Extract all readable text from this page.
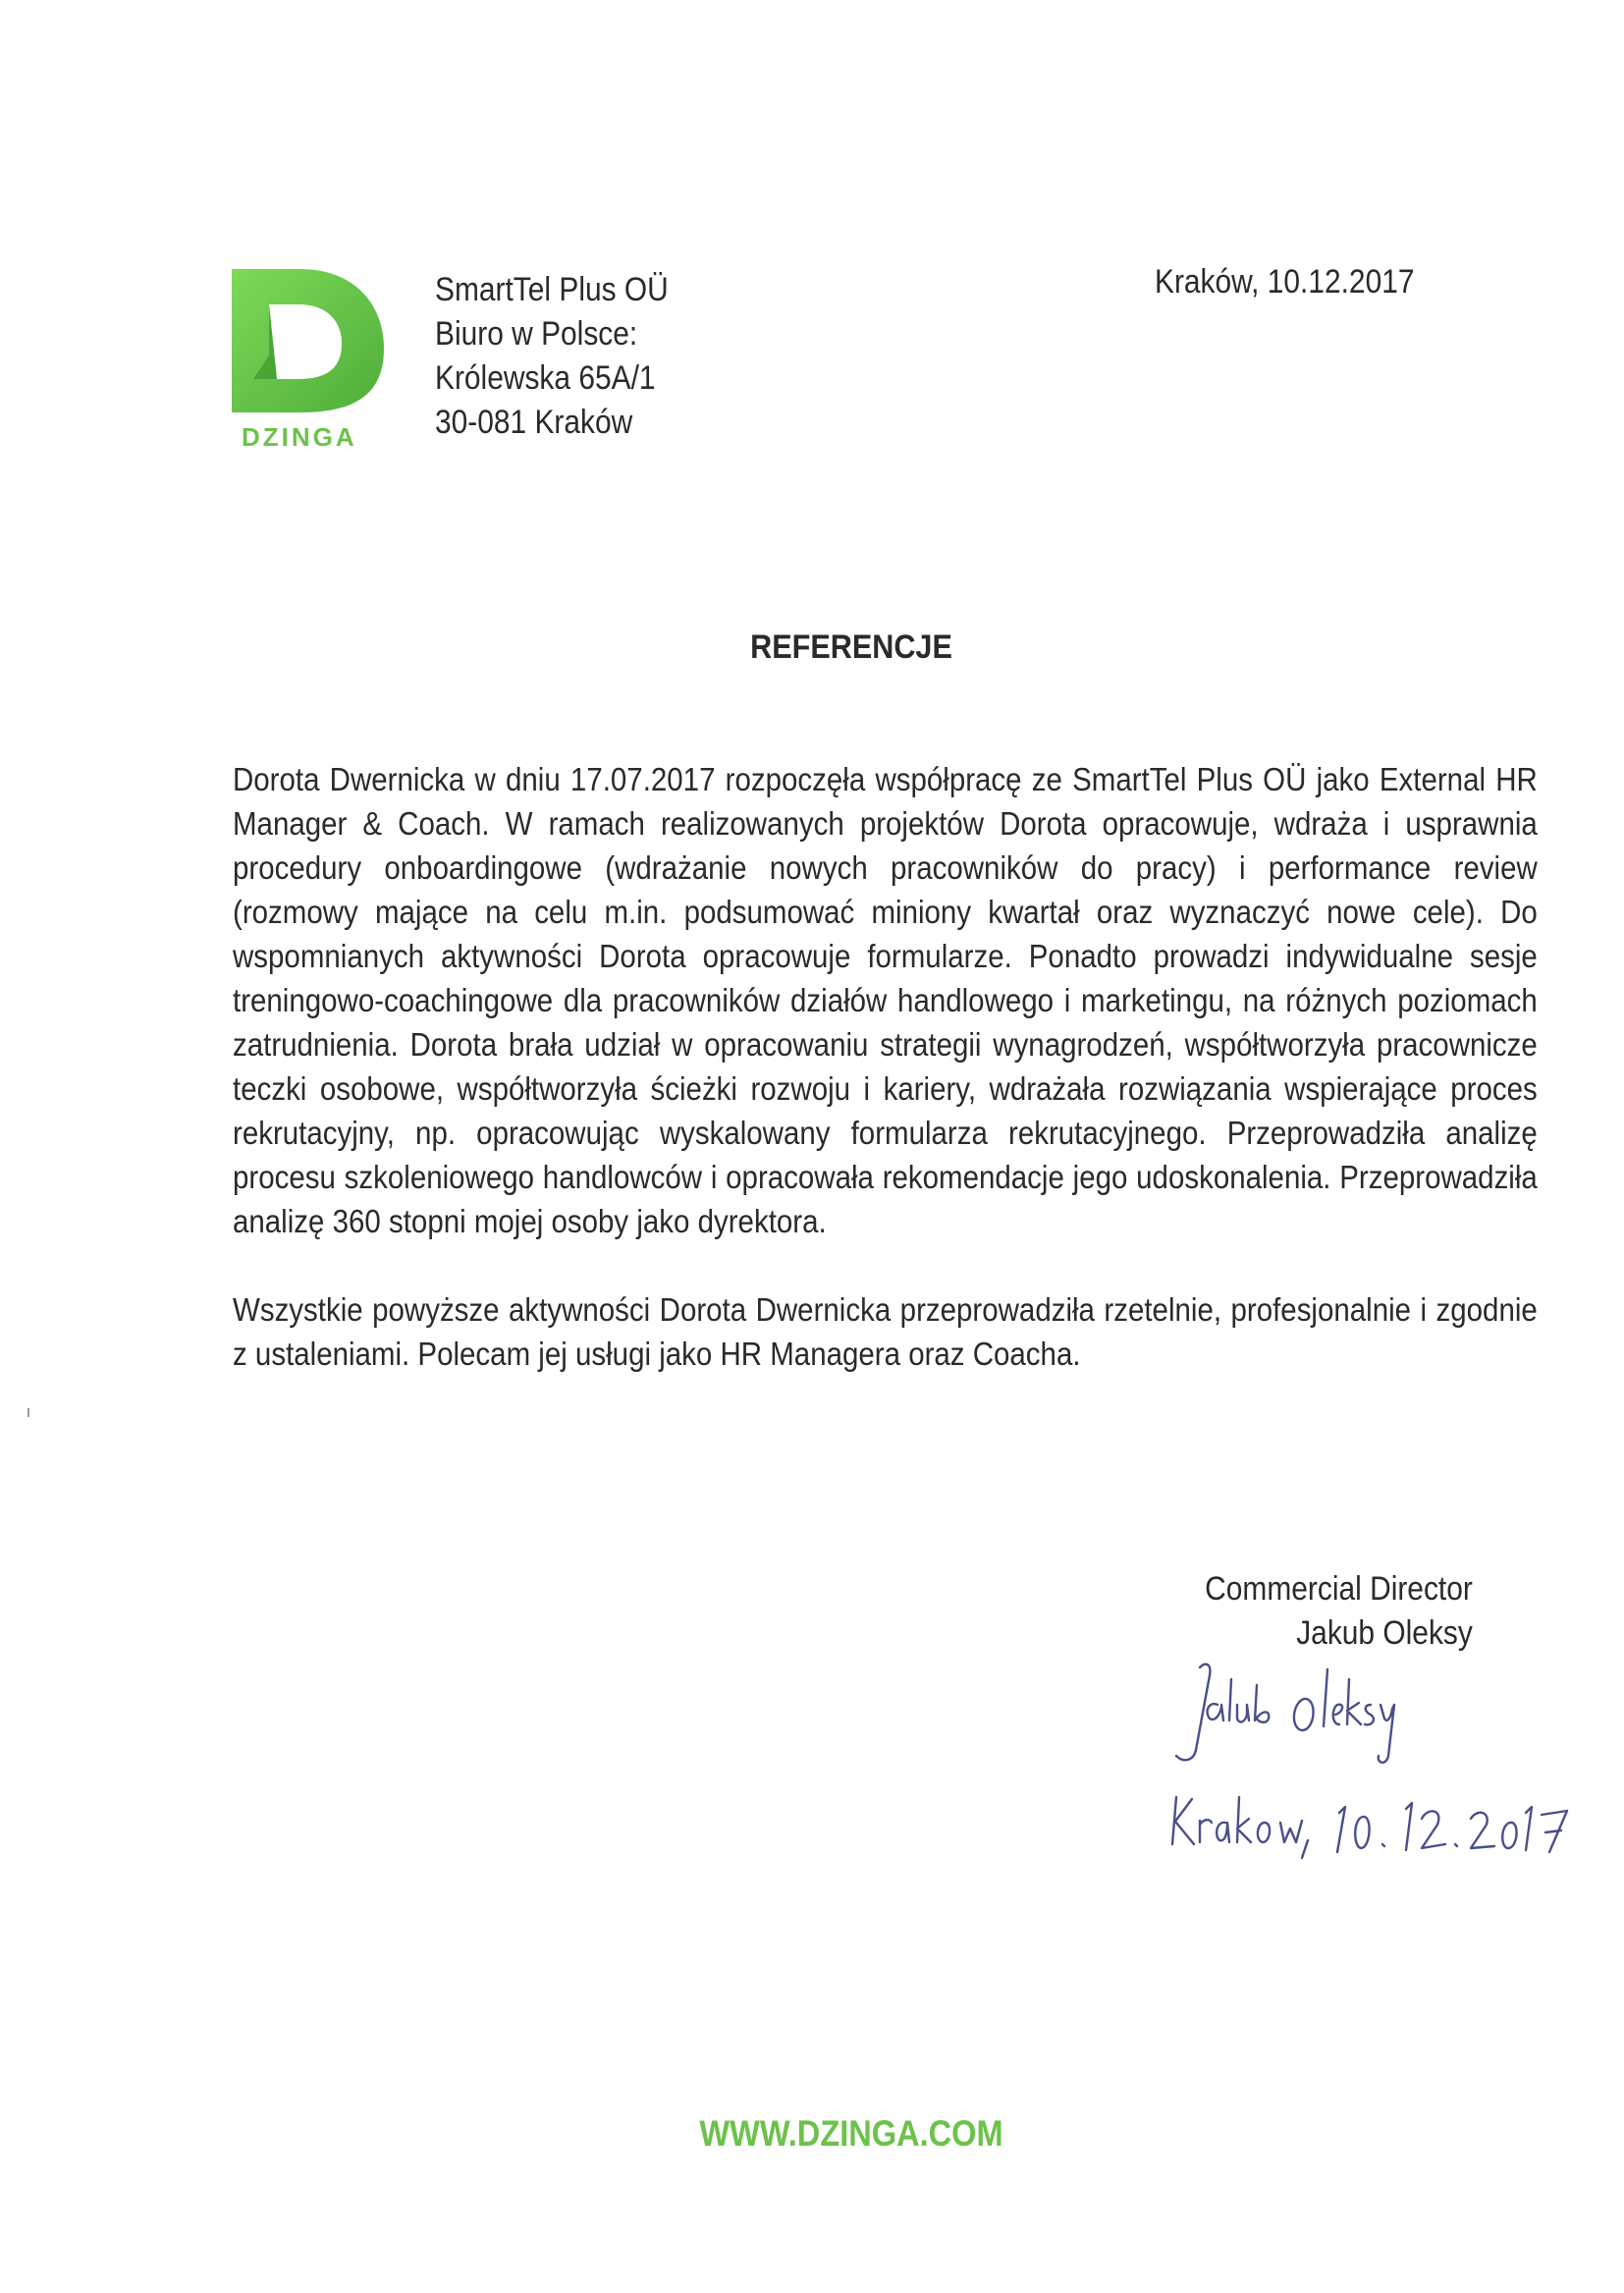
DZINGA
SmartTel Plus OÜ
Biuro w Polsce:
Królewska 65A/1
30-081 Kraków
Kraków, 10.12.2017
REFERENCJE

Dorota Dwernicka w dniu 17.07.2017 rozpoczęła współpracę ze SmartTel Plus OÜ jako External HR Manager & Coach. W ramach realizowanych projektów Dorota opracowuje, wdraża i usprawnia procedury onboardingowe (wdrażanie nowych pracowników do pracy) i performance review (rozmowy mające na celu m.in. podsumować miniony kwartał oraz wyznaczyć nowe cele). Do wspomnianych aktywności Dorota opracowuje formularze. Ponadto prowadzi indywidualne sesje treningowo-coachingowe dla pracowników działów handlowego i marketingu, na różnych poziomach zatrudnienia. Dorota brała udział w opracowaniu strategii wynagrodzeń, współtworzyła pracownicze teczki osobowe, współtworzyła ścieżki rozwoju i kariery, wdrażała rozwiązania wspierające proces rekrutacyjny, np. opracowując wyskalowany formularza rekrutacyjnego. Przeprowadziła analizę procesu szkoleniowego handlowców i opracowała rekomendacje jego udoskonalenia. Przeprowadziła analizę 360 stopni mojej osoby jako dyrektora.

Wszystkie powyższe aktywności Dorota Dwernicka przeprowadziła rzetelnie, profesjonalnie i zgodnie z ustaleniami. Polecam jej usługi jako HR Managera oraz Coacha.

Commercial Director
Jakub Oleksy
WWW.DZINGA.COM
